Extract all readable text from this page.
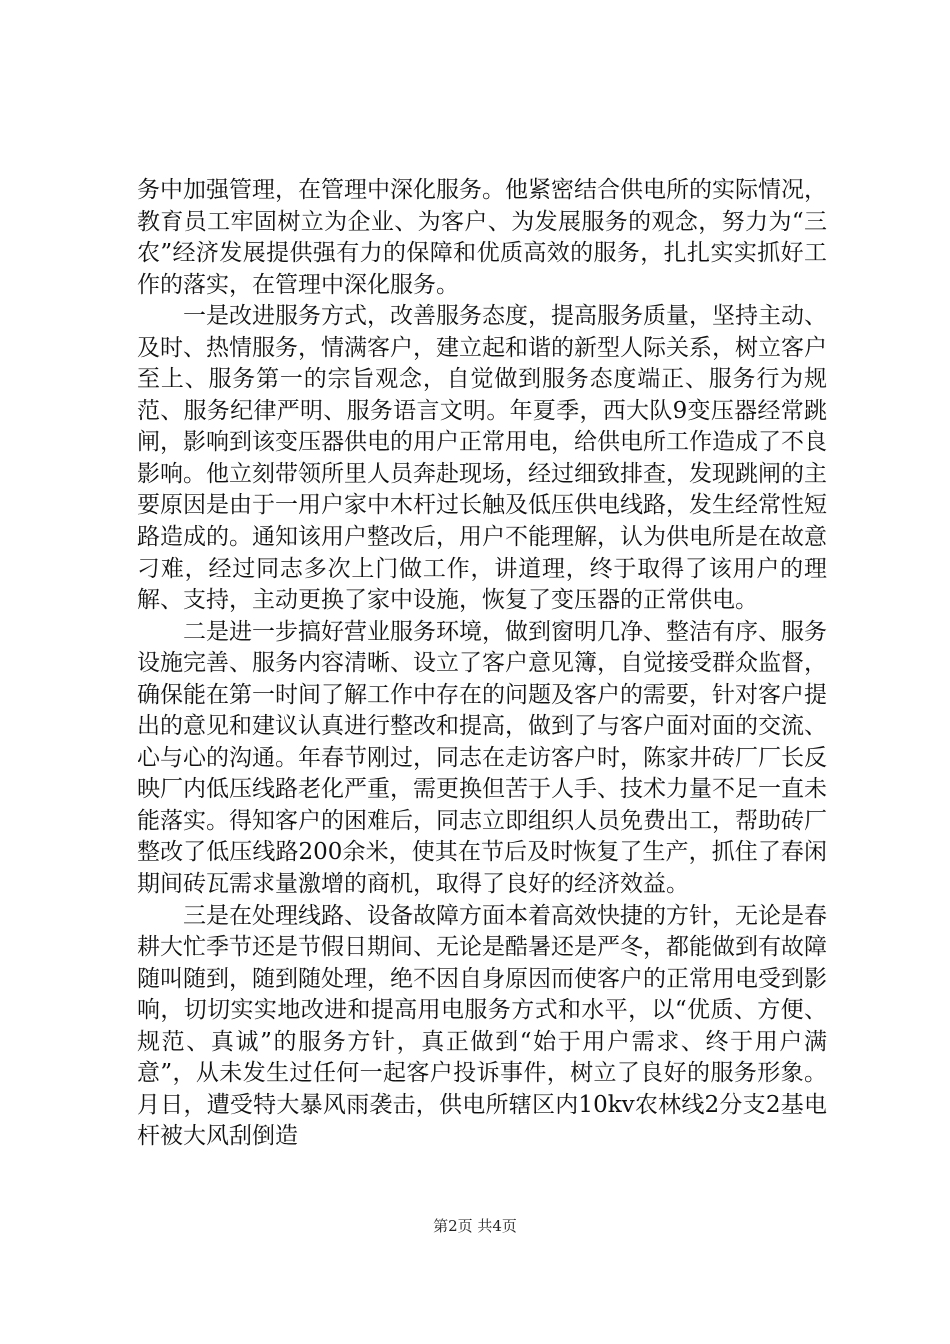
务中加强管理，在管理中深化服务。他紧密结合供电所的实际情况，教育员工牢固树立为企业、为客户、为发展服务的观念，努力为“三农”经济发展提供强有力的保障和优质高效的服务，扎扎实实抓好工作的落实，在管理中深化服务。

一是改进服务方式，改善服务态度，提高服务质量，坚持主动、及时、热情服务，情满客户，建立起和谐的新型人际关系，树立客户至上、服务第一的宗旨观念，自觉做到服务态度端正、服务行为规范、服务纪律严明、服务语言文明。年夏季，西大队9变压器经常跳闸，影响到该变压器供电的用户正常用电，给供电所工作造成了不良影响。他立刻带领所里人员奔赴现场，经过细致排查，发现跳闸的主要原因是由于一用户家中木杆过长触及低压供电线路，发生经常性短路造成的。通知该用户整改后，用户不能理解，认为供电所是在故意刁难，经过同志多次上门做工作，讲道理，终于取得了该用户的理解、支持，主动更换了家中设施，恢复了变压器的正常供电。

二是进一步搞好营业服务环境，做到窗明几净、整洁有序、服务设施完善、服务内容清晰、设立了客户意见簿，自觉接受群众监督，确保能在第一时间了解工作中存在的问题及客户的需要，针对客户提出的意见和建议认真进行整改和提高，做到了与客户面对面的交流、心与心的沟通。年春节刚过，同志在走访客户时，陈家井砖厂厂长反映厂内低压线路老化严重，需更换但苦于人手、技术力量不足一直未能落实。得知客户的困难后，同志立即组织人员免费出工，帮助砖厂整改了低压线路200余米，使其在节后及时恢复了生产，抓住了春闲期间砖瓦需求量激增的商机，取得了良好的经济效益。

三是在处理线路、设备故障方面本着高效快捷的方针，无论是春耕大忙季节还是节假日期间、无论是酷暑还是严冬，都能做到有故障随叫随到，随到随处理，绝不因自身原因而使客户的正常用电受到影响，切切实实地改进和提高用电服务方式和水平，以“优质、方便、规范、真诚”的服务方针，真正做到“始于用户需求、终于用户满意”，从未发生过任何一起客户投诉事件，树立了良好的服务形象。月日，遭受特大暴风雨袭击，供电所辖区内10kv农林线2分支2基电杆被大风刮倒造

第2页 共4页
